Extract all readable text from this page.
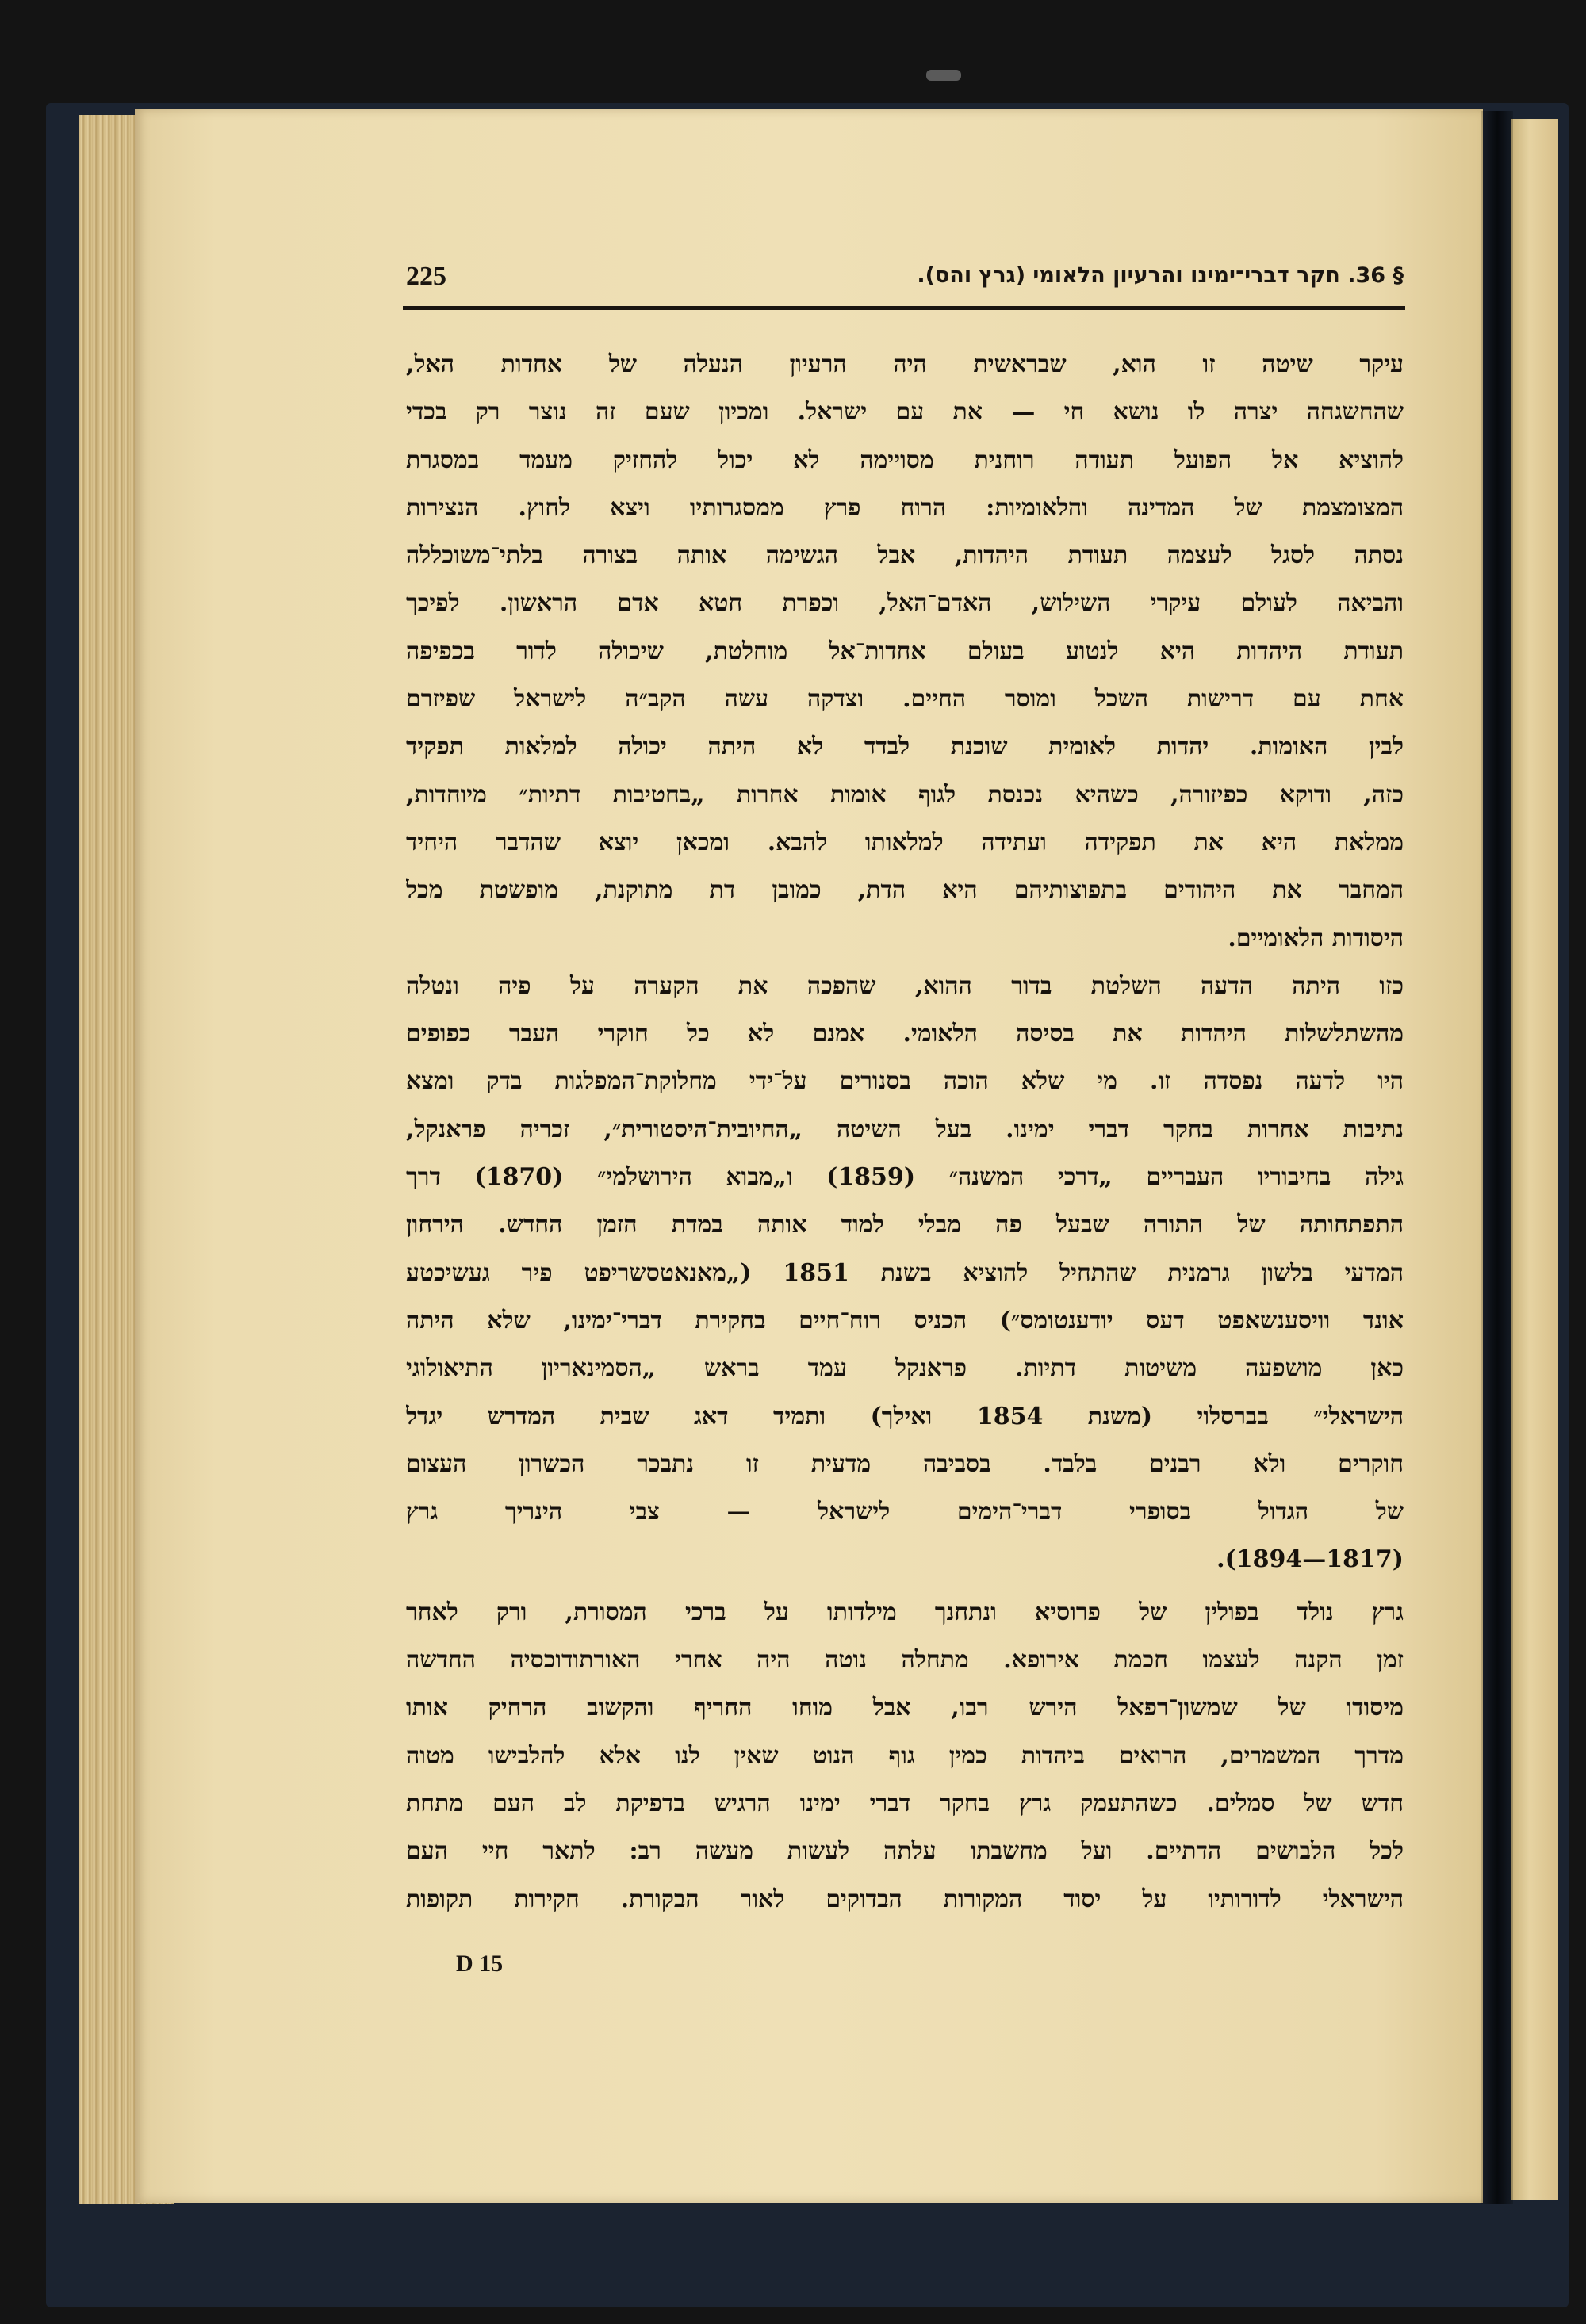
225	§ 36. חקר דברי־ימינו והרעיון הלאומי (גרץ והס).
עיקר שיטה זו הוא, שבראשית היה הרעיון הנעלה של אחדות האל,
שהחשגחה יצרה לו נושא חי — את עם ישראל. ומכיון שעם זה נוצר רק בכדי
להוציא אל הפועל תעודה רוחנית מסויימה לא יכול להחזיק מעמד במסגרת
המצומצמת של המדינה והלאומיות: הרוח פרץ ממסגרותיו ויצא לחוץ. הנצירות
נסתה לסגל לעצמה תעודת היהדות, אבל הגשימה אותה בצורה בלתי־משוכללה
והביאה לעולם עיקרי השילוש, האדם־האל, וכפרת חטא אדם הראשון. לפיכך
תעודת היהדות היא לנטוע בעולם אחדות־אל מוחלטת, שיכולה לדור בכפיפה
אחת עם דרישות השכל ומוסר החיים. וצדקה עשה הקב״ה לישראל שפיזרם
לבין האומות. יהדות לאומית שוכנת לבדד לא היתה יכולה למלאות תפקיד
כזה, ודוקא כפיזורה, כשהיא נכנסת לגוף אומות אחרות „בחטיבות דתיות״ מיוחדות,
ממלאת היא את תפקידה ועתידה למלאותו להבא. ומכאן יוצא שהדבר היחיד
המחבר את היהודים בתפוצותיהם היא הדת, כמובן דת מתוקנת, מופשטת מכל
היסודות הלאומיים.
כזו היתה הדעה השלטת בדור ההוא, שהפכה את הקערה על פיה ונטלה
מהשתלשלות היהדות את בסיסה הלאומי. אמנם לא כל חוקרי העבר כפופים
היו לדעה נפסדה זו. מי שלא הוכה בסנורים על־ידי מחלוקת־המפלגות בדק ומצא
נתיבות אחרות בחקר דברי ימינו. בעל השיטה „החיובית־היסטורית״, זכריה פראנקל,
גילה בחיבוריו העבריים „דרכי המשנה״ (1859) ו„מבוא הירושלמי״ (1870) דרך
התפתחותה של התורה שבעל פה מבלי למוד אותה במדת הזמן החדש. הירחון
המדעי בלשון גרמנית שהתחיל להוציא בשנת 1851 („מאנאטסשריפט פיר געשיכטע
אונד וויסענשאפט דעס יודענטומס״) הכניס רוח־חיים בחקירת דברי־ימינו, שלא היתה
כאן מושפעה משיטות דתיות. פראנקל עמד בראש „הסמינאריון התיאולוגי
הישראלי״ בברסלוי (משנת 1854 ואילך) ותמיד דאג שבית המדרש יגדל
חוקרים ולא רבנים בלבד. בסביבה מדעית זו נתבכר הכשרון העצום
של הגדול בסופרי דברי־הימים לישראל — צבי הינריך גרץ
(1817—1894).
גרץ נולד בפולין של פרוסיא ונתחנך מילדותו על ברכי המסורת, ורק לאחר
זמן הקנה לעצמו חכמת אירופא. מתחלה נוטה היה אחרי האורתודוכסיה החדשה
מיסודו של שמשון־רפאל הירש רבו, אבל מוחו החריף והקשוב הרחיק אותו
מדרך המשמרים, הרואים ביהדות כמין גוף הנוט שאין לנו אלא להלבישו מטוה
חדש של סמלים. כשהתעמק גרץ בחקר דברי ימינו הרגיש בדפיקת לב העם מתחת
לכל הלבושים הדתיים. ועל מחשבתו עלתה לעשות מעשה רב: לתאר חיי העם
הישראלי לדורותיו על יסוד המקורות הבדוקים לאור הבקורת. חקירות תקופות
D 15
